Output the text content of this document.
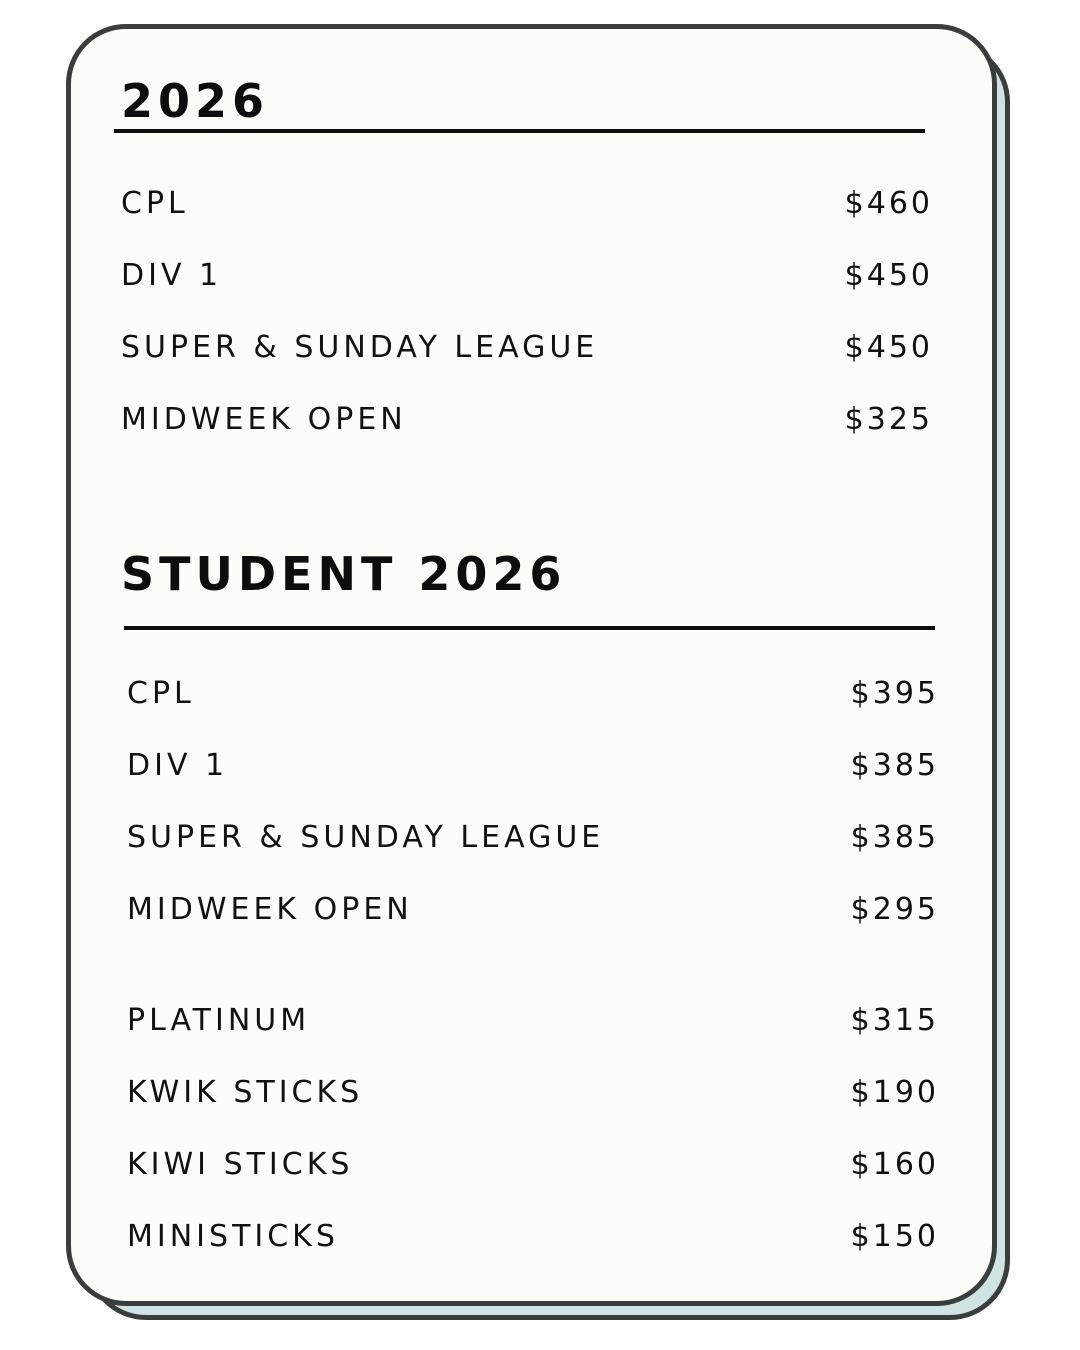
2026
CPL	$460
DIV 1	$450
SUPER & SUNDAY LEAGUE	$450
MIDWEEK OPEN	$325
STUDENT 2026
CPL	$395
DIV 1	$385
SUPER & SUNDAY LEAGUE	$385
MIDWEEK OPEN	$295
PLATINUM	$315
KWIK STICKS	$190
KIWI STICKS	$160
MINISTICKS	$150
